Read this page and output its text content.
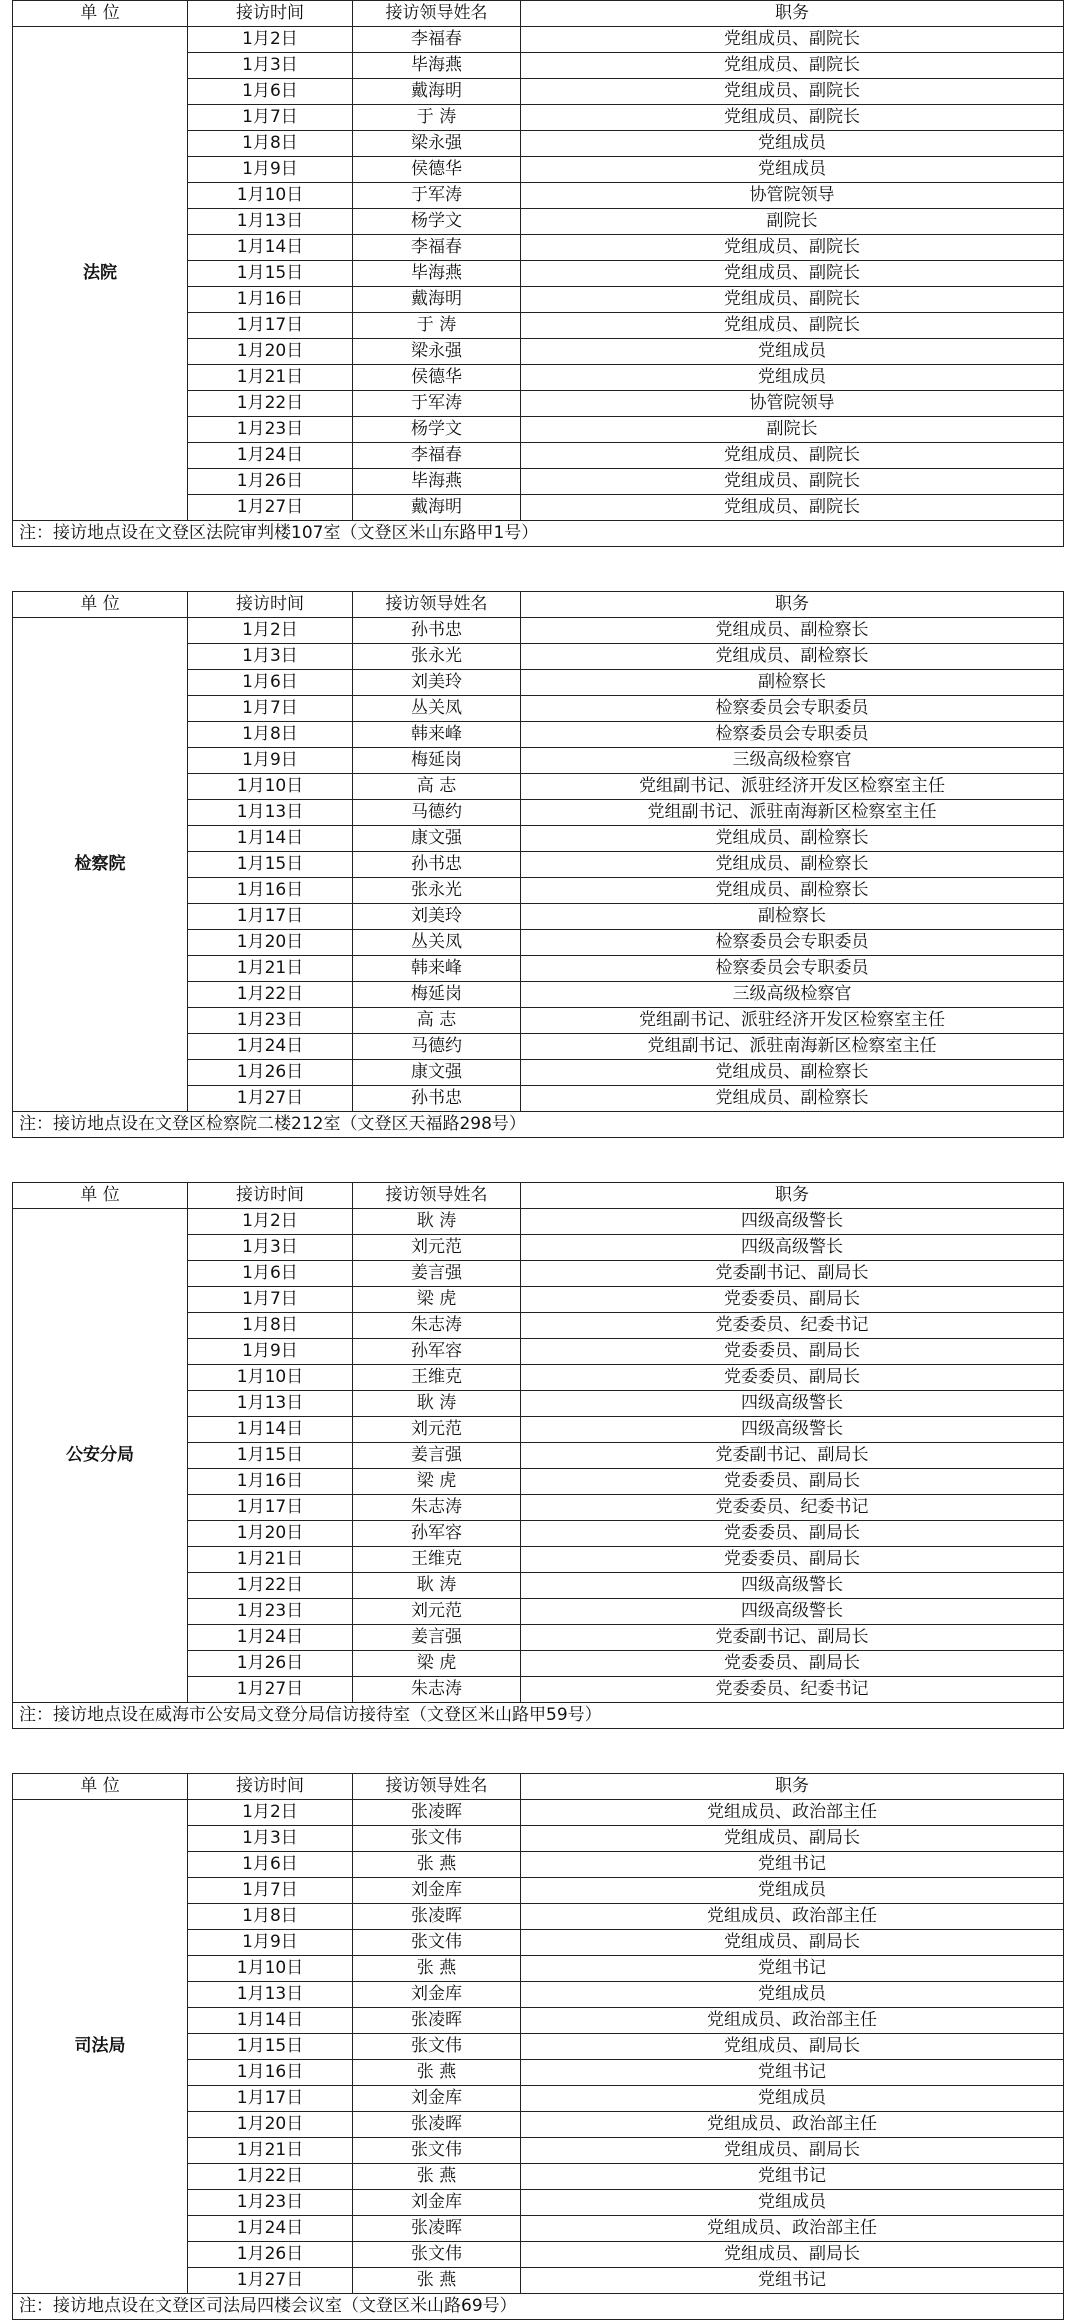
单 位	接访时间	接访领导姓名	职务
法院	1月2日	李福春	党组成员、副院长
	1月3日	毕海燕	党组成员、副院长
	1月6日	戴海明	党组成员、副院长
	1月7日	于 涛	党组成员、副院长
	1月8日	梁永强	党组成员
	1月9日	侯德华	党组成员
	1月10日	于军涛	协管院领导
	1月13日	杨学文	副院长
	1月14日	李福春	党组成员、副院长
	1月15日	毕海燕	党组成员、副院长
	1月16日	戴海明	党组成员、副院长
	1月17日	于 涛	党组成员、副院长
	1月20日	梁永强	党组成员
	1月21日	侯德华	党组成员
	1月22日	于军涛	协管院领导
	1月23日	杨学文	副院长
	1月24日	李福春	党组成员、副院长
	1月26日	毕海燕	党组成员、副院长
	1月27日	戴海明	党组成员、副院长
注：接访地点设在文登区法院审判楼107室（文登区米山东路甲1号）			
单 位	接访时间	接访领导姓名	职务
检察院	1月2日	孙书忠	党组成员、副检察长
	1月3日	张永光	党组成员、副检察长
	1月6日	刘美玲	副检察长
	1月7日	丛关凤	检察委员会专职委员
	1月8日	韩来峰	检察委员会专职委员
	1月9日	梅延岗	三级高级检察官
	1月10日	高 志	党组副书记、派驻经济开发区检察室主任
	1月13日	马德约	党组副书记、派驻南海新区检察室主任
	1月14日	康文强	党组成员、副检察长
	1月15日	孙书忠	党组成员、副检察长
	1月16日	张永光	党组成员、副检察长
	1月17日	刘美玲	副检察长
	1月20日	丛关凤	检察委员会专职委员
	1月21日	韩来峰	检察委员会专职委员
	1月22日	梅延岗	三级高级检察官
	1月23日	高 志	党组副书记、派驻经济开发区检察室主任
	1月24日	马德约	党组副书记、派驻南海新区检察室主任
	1月26日	康文强	党组成员、副检察长
	1月27日	孙书忠	党组成员、副检察长
注：接访地点设在文登区检察院二楼212室（文登区天福路298号）			
单 位	接访时间	接访领导姓名	职务
公安分局	1月2日	耿 涛	四级高级警长
	1月3日	刘元范	四级高级警长
	1月6日	姜言强	党委副书记、副局长
	1月7日	梁 虎	党委委员、副局长
	1月8日	朱志涛	党委委员、纪委书记
	1月9日	孙军容	党委委员、副局长
	1月10日	王维克	党委委员、副局长
	1月13日	耿 涛	四级高级警长
	1月14日	刘元范	四级高级警长
	1月15日	姜言强	党委副书记、副局长
	1月16日	梁 虎	党委委员、副局长
	1月17日	朱志涛	党委委员、纪委书记
	1月20日	孙军容	党委委员、副局长
	1月21日	王维克	党委委员、副局长
	1月22日	耿 涛	四级高级警长
	1月23日	刘元范	四级高级警长
	1月24日	姜言强	党委副书记、副局长
	1月26日	梁 虎	党委委员、副局长
	1月27日	朱志涛	党委委员、纪委书记
注：接访地点设在威海市公安局文登分局信访接待室（文登区米山路甲59号）			
单 位	接访时间	接访领导姓名	职务
司法局	1月2日	张凌晖	党组成员、政治部主任
	1月3日	张文伟	党组成员、副局长
	1月6日	张 燕	党组书记
	1月7日	刘金库	党组成员
	1月8日	张凌晖	党组成员、政治部主任
	1月9日	张文伟	党组成员、副局长
	1月10日	张 燕	党组书记
	1月13日	刘金库	党组成员
	1月14日	张凌晖	党组成员、政治部主任
	1月15日	张文伟	党组成员、副局长
	1月16日	张 燕	党组书记
	1月17日	刘金库	党组成员
	1月20日	张凌晖	党组成员、政治部主任
	1月21日	张文伟	党组成员、副局长
	1月22日	张 燕	党组书记
	1月23日	刘金库	党组成员
	1月24日	张凌晖	党组成员、政治部主任
	1月26日	张文伟	党组成员、副局长
	1月27日	张 燕	党组书记
注：接访地点设在文登区司法局四楼会议室（文登区米山路69号）			
